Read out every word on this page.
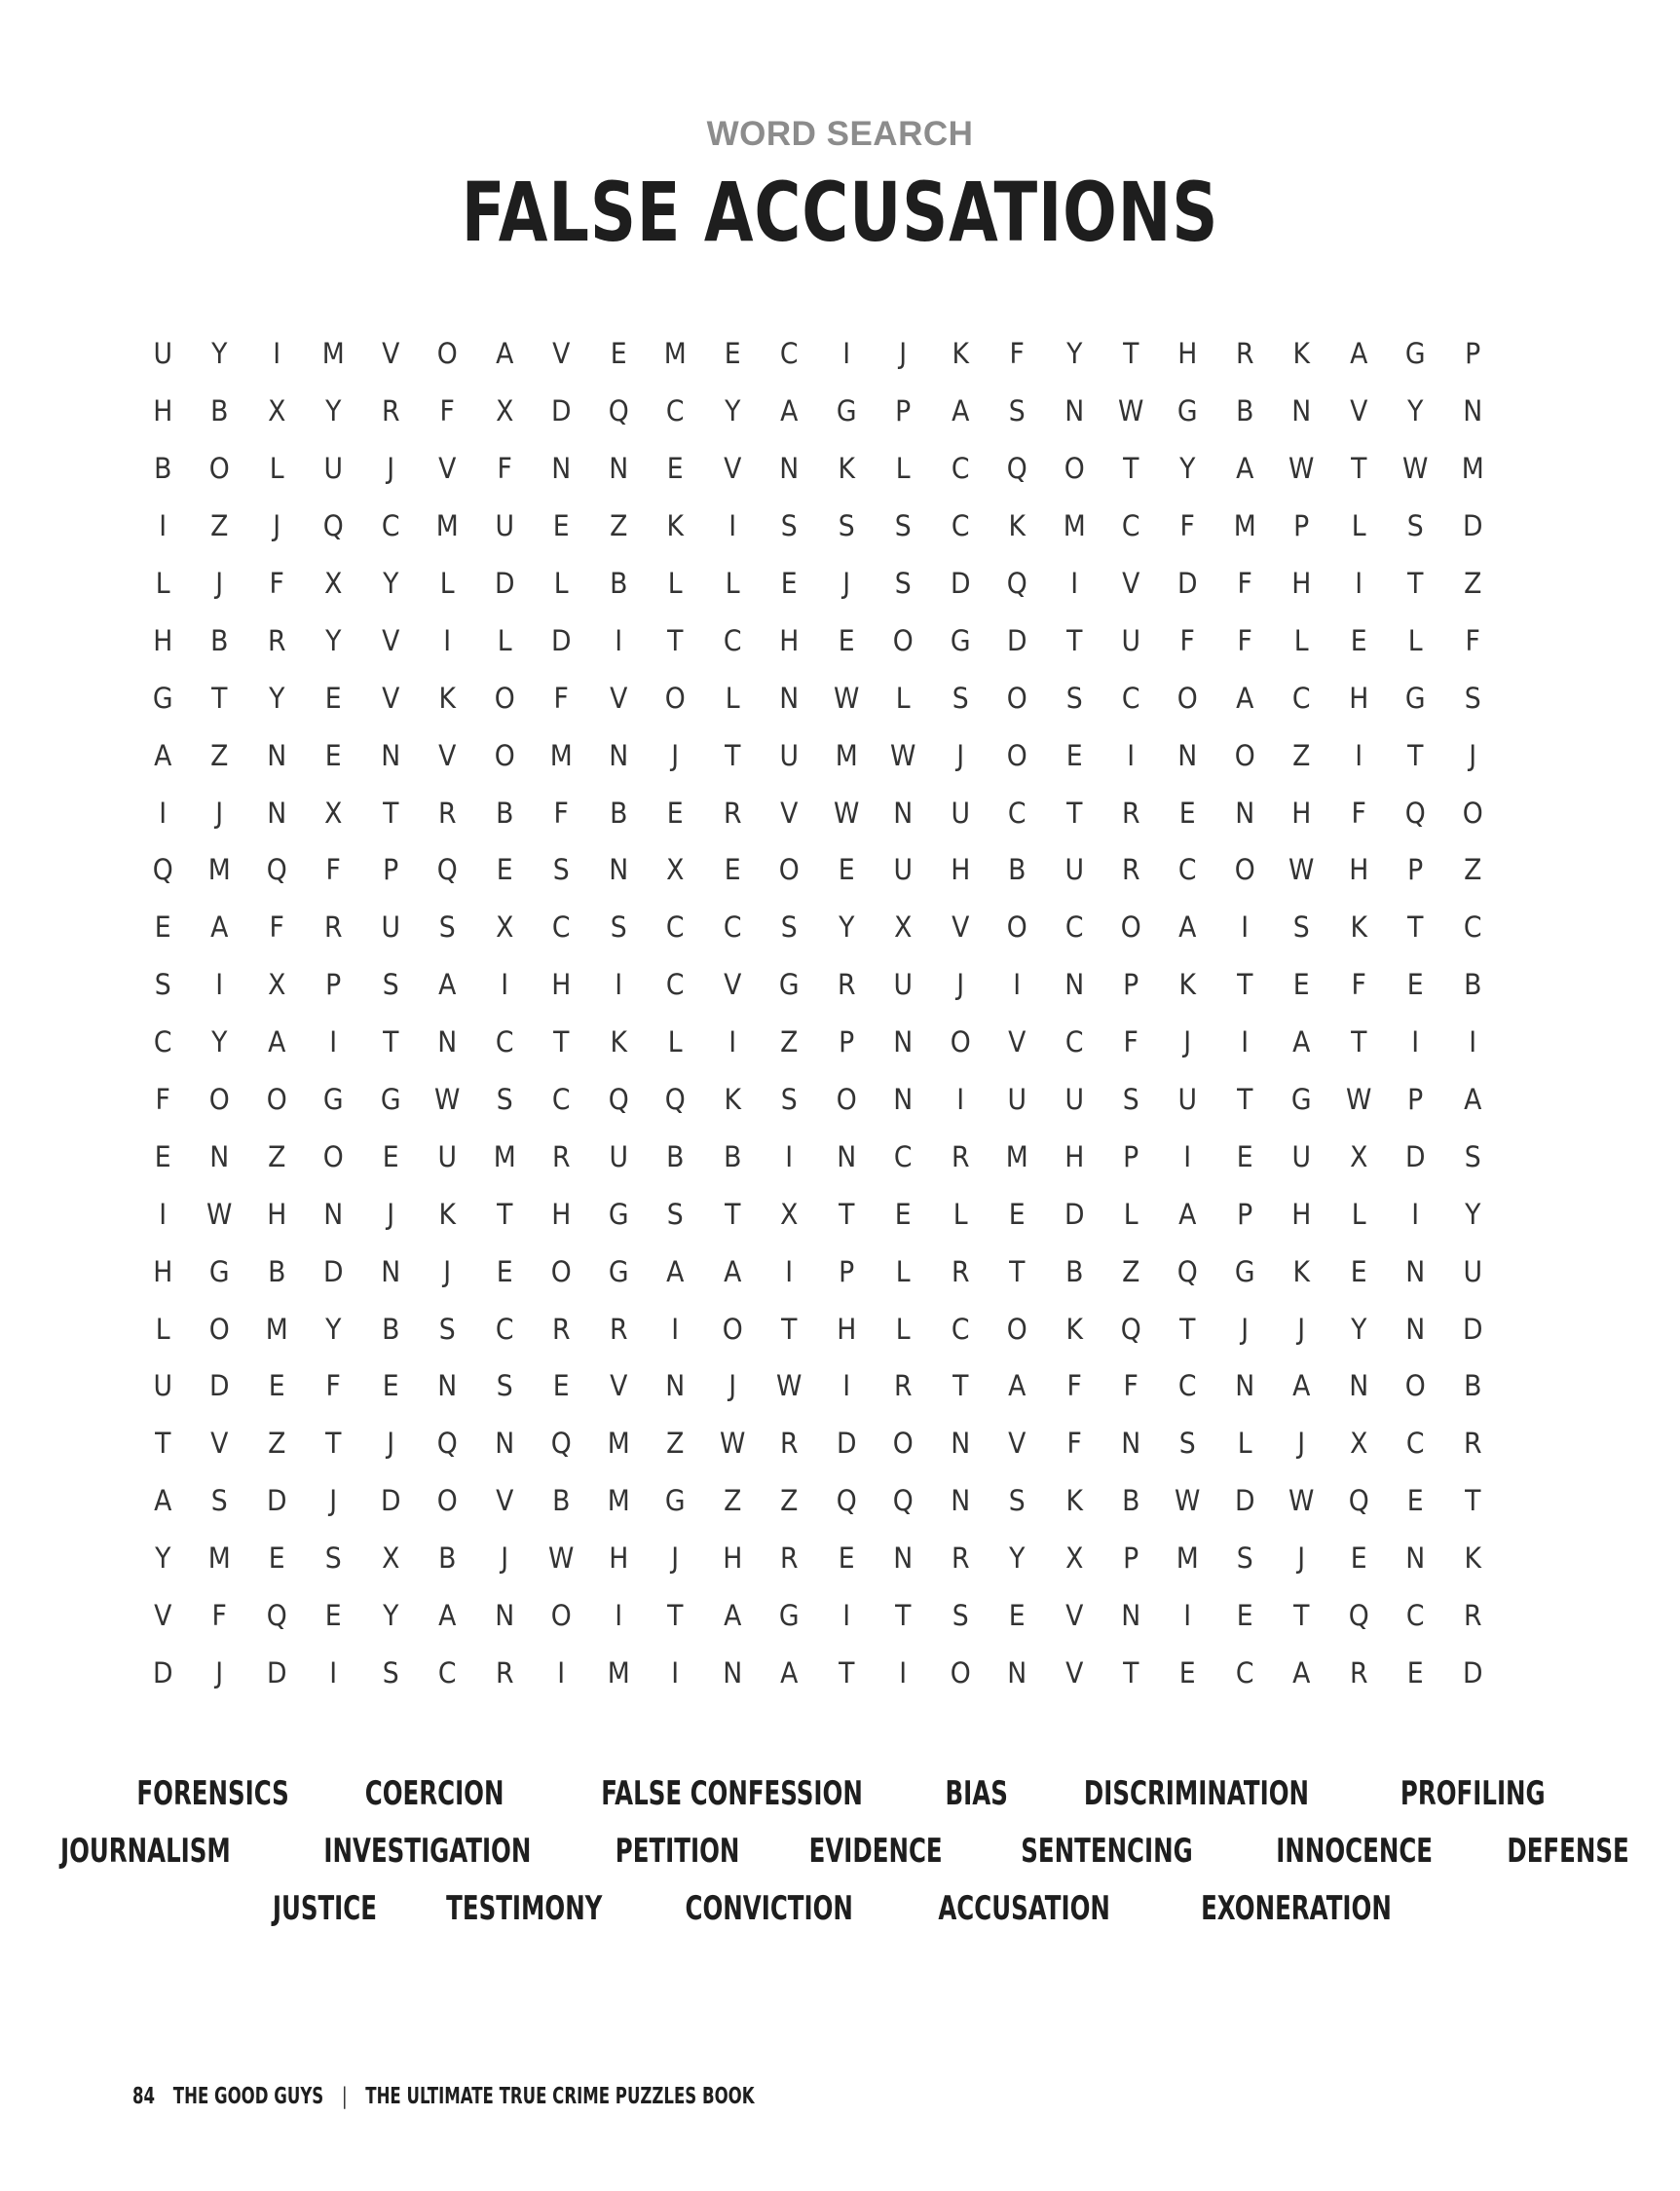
WORD SEARCH
FALSE ACCUSATIONS
U	Y	I	M	V	O	A	V	E	M	E	C	I	J	K	F	Y	T	H	R	K	A	G	P
H	B	X	Y	R	F	X	D	Q	C	Y	A	G	P	A	S	N	W	G	B	N	V	Y	N
B	O	L	U	J	V	F	N	N	E	V	N	K	L	C	Q	O	T	Y	A	W	T	W	M
I	Z	J	Q	C	M	U	E	Z	K	I	S	S	S	C	K	M	C	F	M	P	L	S	D
L	J	F	X	Y	L	D	L	B	L	L	E	J	S	D	Q	I	V	D	F	H	I	T	Z
H	B	R	Y	V	I	L	D	I	T	C	H	E	O	G	D	T	U	F	F	L	E	L	F
G	T	Y	E	V	K	O	F	V	O	L	N	W	L	S	O	S	C	O	A	C	H	G	S
A	Z	N	E	N	V	O	M	N	J	T	U	M	W	J	O	E	I	N	O	Z	I	T	J
I	J	N	X	T	R	B	F	B	E	R	V	W	N	U	C	T	R	E	N	H	F	Q	O
Q	M	Q	F	P	Q	E	S	N	X	E	O	E	U	H	B	U	R	C	O	W	H	P	Z
E	A	F	R	U	S	X	C	S	C	C	S	Y	X	V	O	C	O	A	I	S	K	T	C
S	I	X	P	S	A	I	H	I	C	V	G	R	U	J	I	N	P	K	T	E	F	E	B
C	Y	A	I	T	N	C	T	K	L	I	Z	P	N	O	V	C	F	J	I	A	T	I	I
F	O	O	G	G	W	S	C	Q	Q	K	S	O	N	I	U	U	S	U	T	G	W	P	A
E	N	Z	O	E	U	M	R	U	B	B	I	N	C	R	M	H	P	I	E	U	X	D	S
I	W	H	N	J	K	T	H	G	S	T	X	T	E	L	E	D	L	A	P	H	L	I	Y
H	G	B	D	N	J	E	O	G	A	A	I	P	L	R	T	B	Z	Q	G	K	E	N	U
L	O	M	Y	B	S	C	R	R	I	O	T	H	L	C	O	K	Q	T	J	J	Y	N	D
U	D	E	F	E	N	S	E	V	N	J	W	I	R	T	A	F	F	C	N	A	N	O	B
T	V	Z	T	J	Q	N	Q	M	Z	W	R	D	O	N	V	F	N	S	L	J	X	C	R
A	S	D	J	D	O	V	B	M	G	Z	Z	Q	Q	N	S	K	B	W	D	W	Q	E	T
Y	M	E	S	X	B	J	W	H	J	H	R	E	N	R	Y	X	P	M	S	J	E	N	K
V	F	Q	E	Y	A	N	O	I	T	A	G	I	T	S	E	V	N	I	E	T	Q	C	R
D	J	D	I	S	C	R	I	M	I	N	A	T	I	O	N	V	T	E	C	A	R	E	D
FORENSICS COERCION	FALSE CONFESSION BIAS DISCRIMINATION	PROFILING
JOURNALISM	INVESTIGATION	PETITION EVIDENCE SENTENCING	INNOCENCE DEFENSE
JUSTICE TESTIMONY CONVICTION	ACCUSATION	EXONERATION
84 THE GOOD GUYS | THE ULTIMATE TRUE CRIME PUZZLES BOOK
